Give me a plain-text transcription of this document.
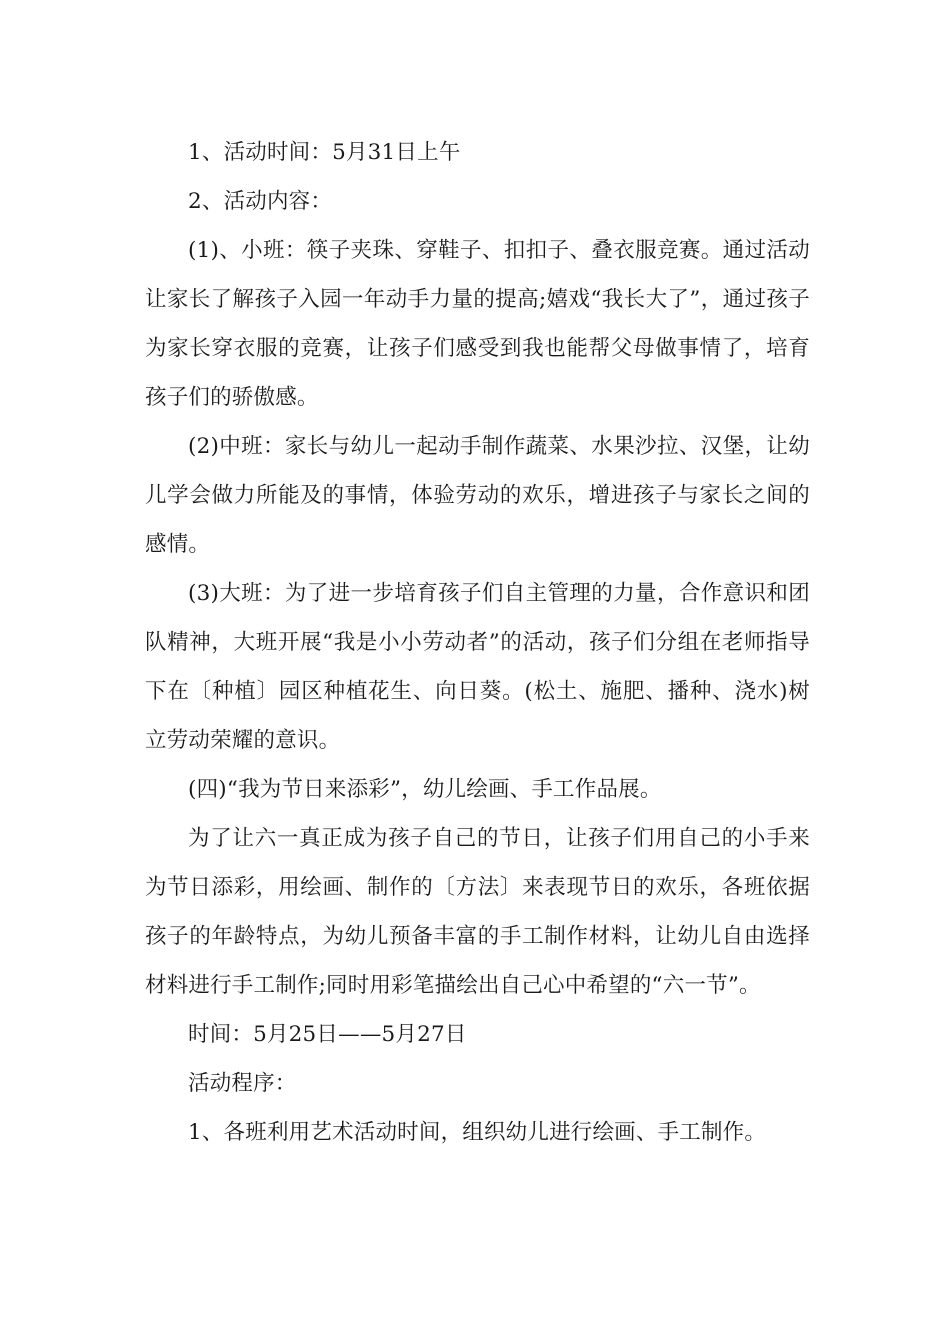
1、活动时间：5月31日上午

2、活动内容：

(1)、小班：筷子夹珠、穿鞋子、扣扣子、叠衣服竞赛。通过活动让家长了解孩子入园一年动手力量的提高;嬉戏“我长大了”，通过孩子为家长穿衣服的竞赛，让孩子们感受到我也能帮父母做事情了，培育孩子们的骄傲感。

(2)中班：家长与幼儿一起动手制作蔬菜、水果沙拉、汉堡，让幼儿学会做力所能及的事情，体验劳动的欢乐，增进孩子与家长之间的感情。

(3)大班：为了进一步培育孩子们自主管理的力量，合作意识和团队精神，大班开展“我是小小劳动者”的活动，孩子们分组在老师指导下在〔种植〕园区种植花生、向日葵。(松土、施肥、播种、浇水)树立劳动荣耀的意识。

(四)“我为节日来添彩”，幼儿绘画、手工作品展。

为了让六一真正成为孩子自己的节日，让孩子们用自己的小手来为节日添彩，用绘画、制作的〔方法〕来表现节日的欢乐，各班依据孩子的年龄特点，为幼儿预备丰富的手工制作材料，让幼儿自由选择材料进行手工制作;同时用彩笔描绘出自己心中希望的“六一节”。

时间：5月25日——5月27日

活动程序：

1、各班利用艺术活动时间，组织幼儿进行绘画、手工制作。
